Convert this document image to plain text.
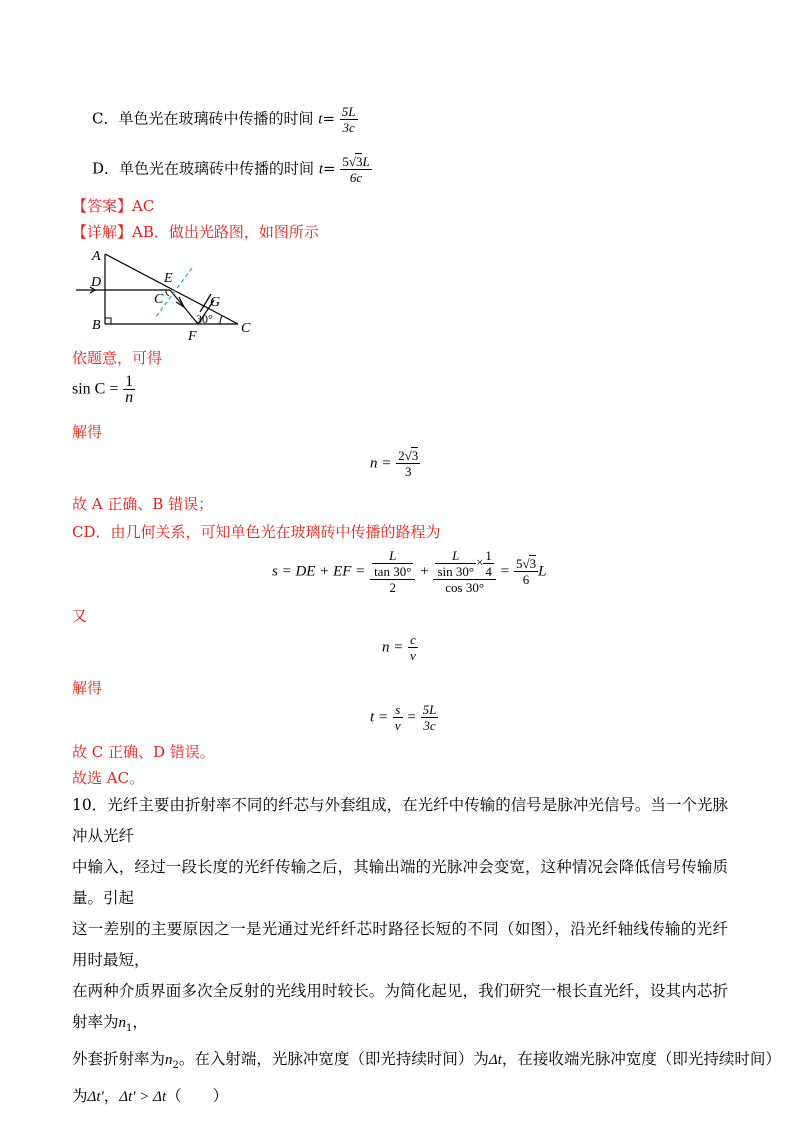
C．单色光在玻璃砖中传播的时间 $t= \frac{5L}{3c}$
D．单色光在玻璃砖中传播的时间 $t= \frac{5√3L}{6c}$
【答案】AC
【详解】AB．做出光路图，如图所示
A
D	E
C	G
B
F
30°
C
依题意，可得
$\sin C = \frac{1}{n}$
解得
$n = \frac{2√3}{3}$
故 A 正确、B 错误；
CD．由几何关系，可知单色光在玻璃砖中传播的路程为
s = DE + EF = $\frac{\frac{L}{\tan 30^\circ}}{2} + \frac{\frac{L}{\sin 30^\circ} \times \frac{1}{4}}{\cos 30^\circ} = \frac{5√3}{6}$ L
又
$n = \frac{c}{v}$
解得
$t = \frac{s}{v} = \frac{5L}{3c}$
故 C 正确、D 错误。
故选 AC。
10．光纤主要由折射率不同的纤芯与外套组成，在光纤中传输的信号是脉冲光信号。当一个光脉冲从光纤
中输入，经过一段长度的光纤传输之后，其输出端的光脉冲会变宽，这种情况会降低信号传输质量。引起
这一差别的主要原因之一是光通过光纤纤芯时路径长短的不同（如图），沿光纤轴线传输的光纤用时最短，
在两种介质界面多次全反射的光线用时较长。为简化起见，我们研究一根长直光纤，设其内芯折射率为$n_1$，
外套折射率为$n_2$。在入射端，光脉冲宽度（即光持续时间）为Δt，在接收端光脉冲宽度（即光持续时间）
为Δt′，Δt′ > Δt（　　）
